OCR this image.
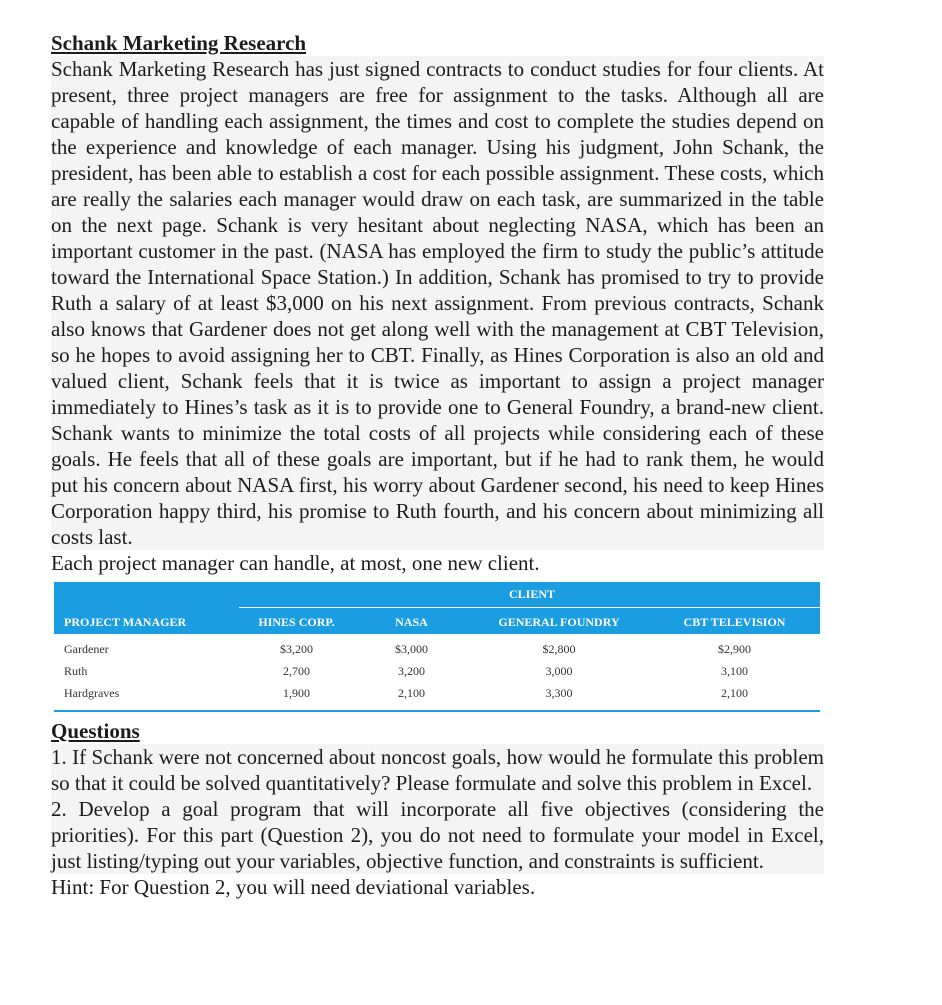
Schank Marketing Research

Schank Marketing Research has just signed contracts to conduct studies for four clients. At present, three project managers are free for assignment to the tasks. Although all are capable of handling each assignment, the times and cost to complete the studies depend on the experience and knowledge of each manager. Using his judgment, John Schank, the president, has been able to establish a cost for each possible assignment. These costs, which are really the salaries each manager would draw on each task, are summarized in the table on the next page. Schank is very hesitant about neglecting NASA, which has been an important customer in the past. (NASA has employed the firm to study the public’s attitude toward the International Space Station.) In addition, Schank has promised to try to provide Ruth a salary of at least $3,000 on his next assignment. From previous contracts, Schank also knows that Gardener does not get along well with the management at CBT Television, so he hopes to avoid assigning her to CBT. Finally, as Hines Corporation is also an old and valued client, Schank feels that it is twice as important to assign a project manager immediately to Hines’s task as it is to provide one to General Foundry, a brand-new client. Schank wants to minimize the total costs of all projects while considering each of these goals. He feels that all of these goals are important, but if he had to rank them, he would put his concern about NASA first, his worry about Gardener second, his need to keep Hines Corporation happy third, his promise to Ruth fourth, and his concern about minimizing all costs last.

Each project manager can handle, at most, one new client.

CLIENT
PROJECT MANAGER	HINES CORP.	NASA	GENERAL FOUNDRY	CBT TELEVISION
Gardener	$3,200	$3,000	$2,800	$2,900
Ruth	2,700	3,200	3,000	3,100
Hardgraves	1,900	2,100	3,300	2,100
Questions

1. If Schank were not concerned about noncost goals, how would he formulate this problem so that it could be solved quantitatively? Please formulate and solve this problem in Excel.

2. Develop a goal program that will incorporate all five objectives (considering the priorities). For this part (Question 2), you do not need to formulate your model in Excel, just listing/typing out your variables, objective function, and constraints is sufficient.

Hint: For Question 2, you will need deviational variables.
